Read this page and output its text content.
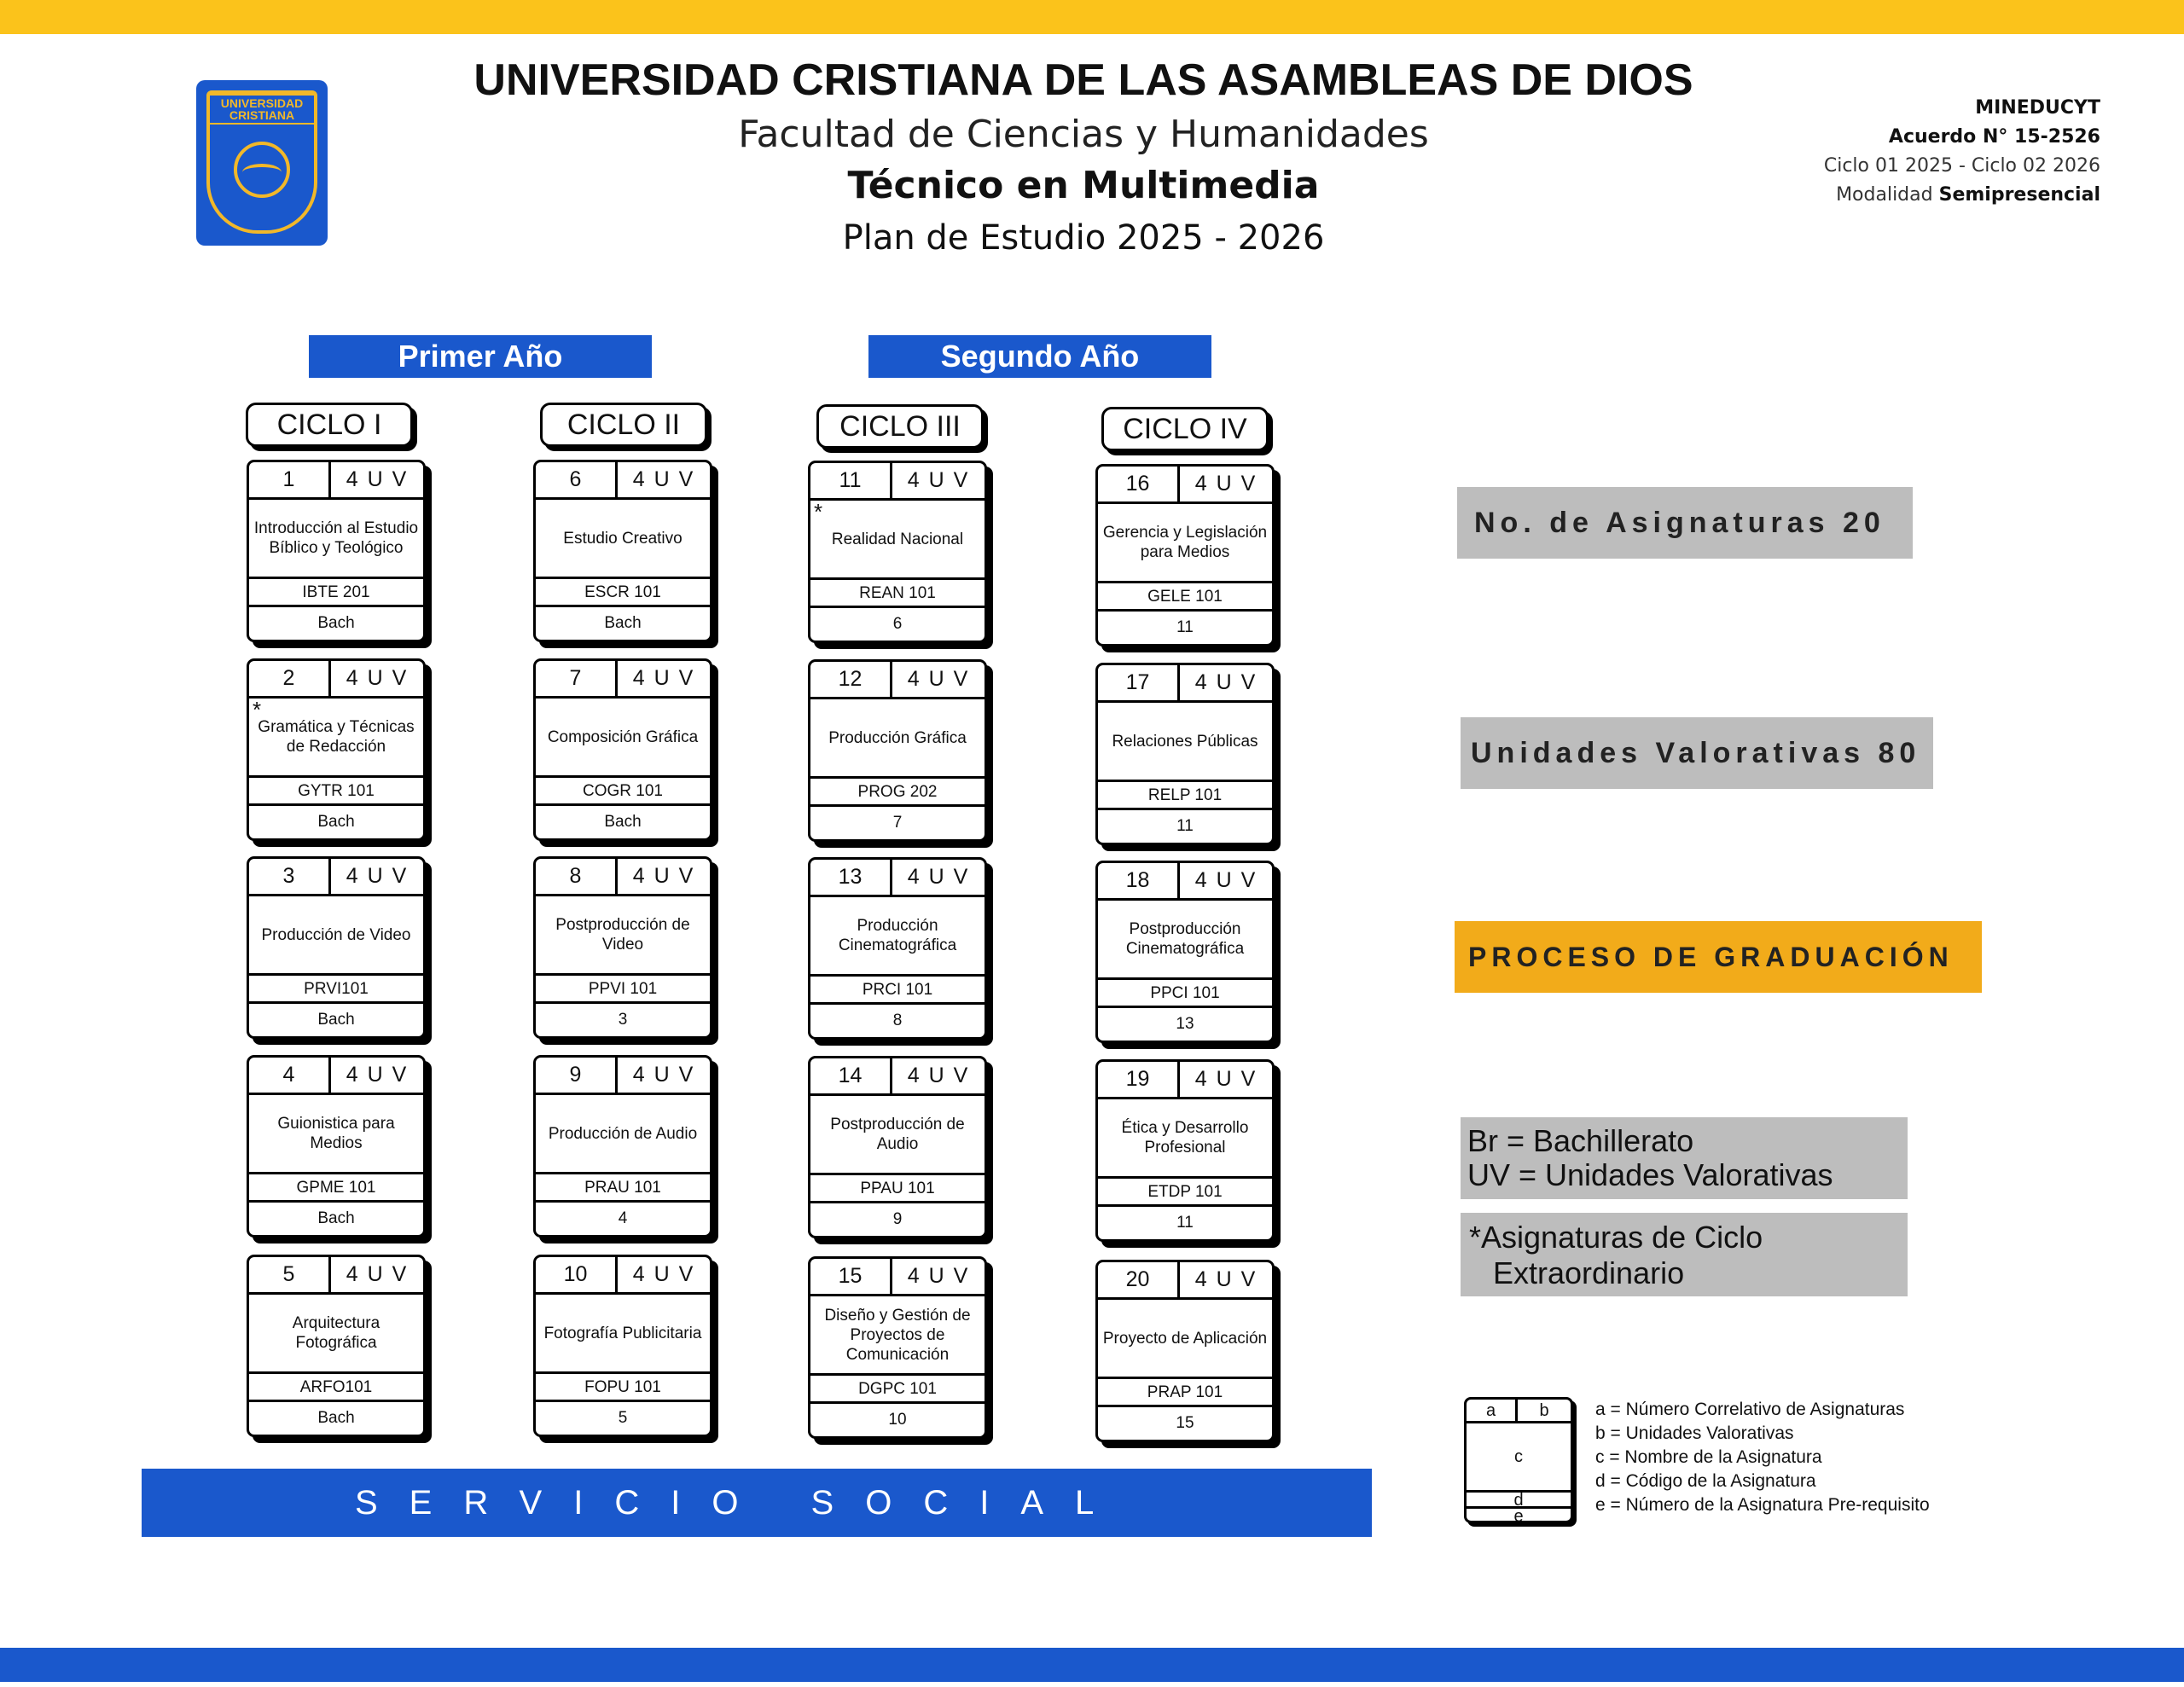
UNIVERSIDAD CRISTIANA
UNIVERSIDAD CRISTIANA DE LAS ASAMBLEAS DE DIOS
Facultad de Ciencias y Humanidades
Técnico en Multimedia
Plan de Estudio 2025 - 2026
MINEDUCYT
Acuerdo N° 15-2526
Ciclo 01 2025 - Ciclo 02 2026
Modalidad Semipresencial
Primer Año	Segundo Año
CICLO I	CICLO II	CICLO III	CICLO IV
1	4 U V
Introducción al Estudio Bíblico y Teológico
IBTE 201
Bach
2	4 U V
Gramática y Técnicas de Redacción
*
GYTR 101
Bach
3	4 U V
Producción de Video
PRVI101
Bach
4	4 U V
Guionistica para Medios
GPME 101
Bach
5	4 U V
Arquitectura Fotográfica
ARFO101
Bach
6	4 U V
Estudio Creativo
ESCR 101
Bach
7	4 U V
Composición Gráfica
COGR 101
Bach
8	4 U V
Postproducción de Video
PPVI 101
3
9	4 U V
Producción de Audio
PRAU 101
4
10	4 U V
Fotografía Publicitaria
FOPU 101
5
11	4 U V
Realidad Nacional
*
REAN 101
6
12	4 U V
Producción Gráfica
PROG 202
7
13	4 U V
Producción Cinematográfica
PRCI 101
8
14	4 U V
Postproducción de Audio
PPAU 101
9
15	4 U V
Diseño y Gestión de Proyectos de Comunicación
DGPC 101
10
16	4 U V
Gerencia y Legislación para Medios
GELE 101
11
17	4 U V
Relaciones Públicas
RELP 101
11
18	4 U V
Postproducción Cinematográfica
PPCI 101
13
19	4 U V
Ética y Desarrollo Profesional
ETDP 101
11
20	4 U V
Proyecto de Aplicación
PRAP 101
15
No. de Asignaturas 20
Unidades Valorativas 80
PROCESO DE GRADUACIÓN
Br = Bachillerato
UV = Unidades Valorativas
*Asignaturas de Ciclo
Extraordinario
a	b
c
d
e
a = Número Correlativo de Asignaturas
b = Unidades Valorativas
c = Nombre de la Asignatura
d = Código de la Asignatura
e = Número de la Asignatura Pre-requisito
SERVICIO SOCIAL
